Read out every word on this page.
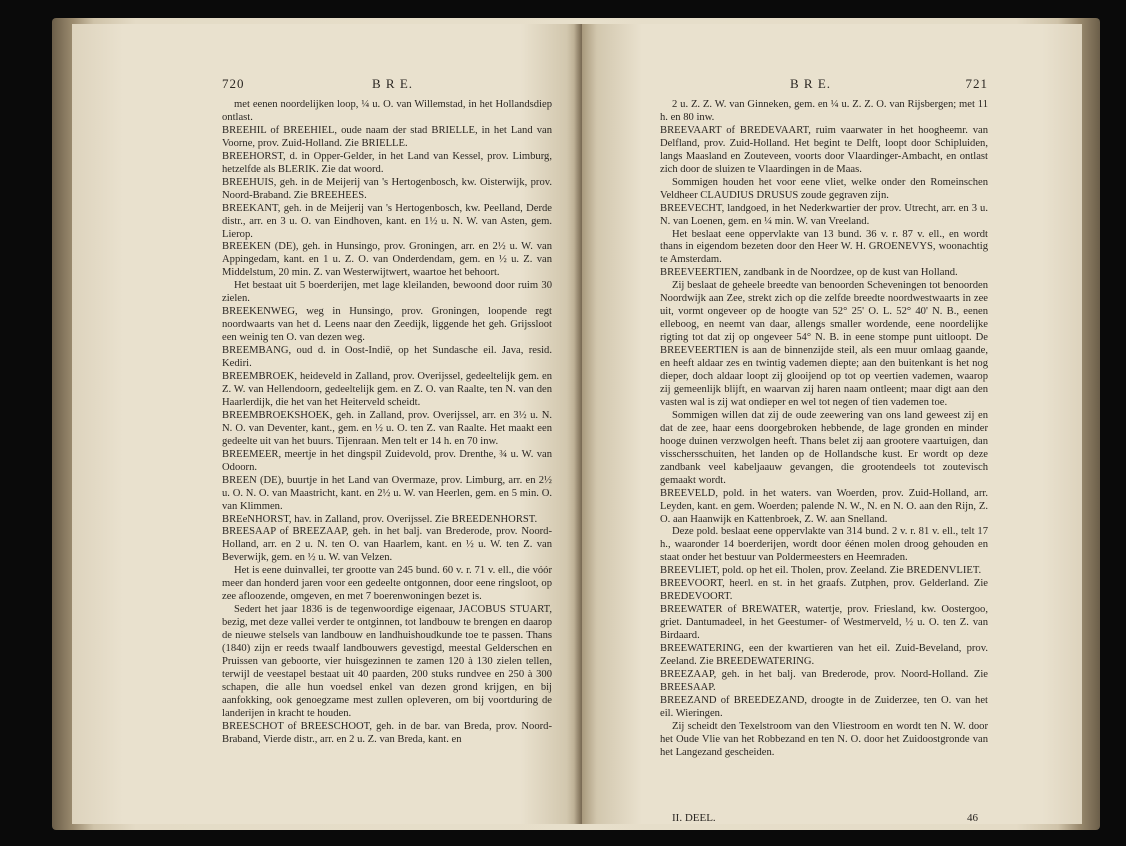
720	B R E.

met eenen noordelijken loop, ¼ u. O. van Willemstad, in het Hollandsdiep ontlast.

BREEHIL of BREEHIEL, oude naam der stad BRIELLE, in het Land van Voorne, prov. Zuid-Holland. Zie BRIELLE.

BREEHORST, d. in Opper-Gelder, in het Land van Kessel, prov. Limburg, hetzelfde als BLERIK. Zie dat woord.

BREEHUIS, geh. in de Meijerij van 's Hertogenbosch, kw. Oisterwijk, prov. Noord-Braband. Zie BREEHEES.

BREEKANT, geh. in de Meijerij van 's Hertogenbosch, kw. Peelland, Derde distr., arr. en 3 u. O. van Eindhoven, kant. en 1½ u. N. W. van Asten, gem. Lierop.

BREEKEN (DE), geh. in Hunsingo, prov. Groningen, arr. en 2½ u. W. van Appingedam, kant. en 1 u. Z. O. van Onderdendam, gem. en ½ u. Z. van Middelstum, 20 min. Z. van Westerwijtwert, waartoe het behoort.

Het bestaat uit 5 boerderijen, met lage kleilanden, bewoond door ruim 30 zielen.

BREEKENWEG, weg in Hunsingo, prov. Groningen, loopende regt noordwaarts van het d. Leens naar den Zeedijk, liggende het geh. Grijssloot een weinig ten O. van dezen weg.

BREEMBANG, oud d. in Oost-Indië, op het Sundasche eil. Java, resid. Kediri.

BREEMBROEK, heideveld in Zalland, prov. Overijssel, gedeeltelijk gem. en Z. W. van Hellendoorn, gedeeltelijk gem. en Z. O. van Raalte, ten N. van den Haarlerdijk, die het van het Heiterveld scheidt.

BREEMBROEKSHOEK, geh. in Zalland, prov. Overijssel, arr. en 3½ u. N. N. O. van Deventer, kant., gem. en ½ u. O. ten Z. van Raalte. Het maakt een gedeelte uit van het buurs. Tijenraan. Men telt er 14 h. en 70 inw.

BREEMEER, meertje in het dingspil Zuidevold, prov. Drenthe, ¾ u. W. van Odoorn.

BREEN (DE), buurtje in het Land van Overmaze, prov. Limburg, arr. en 2½ u. O. N. O. van Maastricht, kant. en 2½ u. W. van Heerlen, gem. en 5 min. O. van Klimmen.

BREeNHORST, hav. in Zalland, prov. Overijssel. Zie BREEDENHORST.

BREESAAP of BREEZAAP, geh. in het balj. van Brederode, prov. Noord-Holland, arr. en 2 u. N. ten O. van Haarlem, kant. en ½ u. W. ten Z. van Beverwijk, gem. en ½ u. W. van Velzen.

Het is eene duinvallei, ter grootte van 245 bund. 60 v. r. 71 v. ell., die vóór meer dan honderd jaren voor een gedeelte ontgonnen, door eene ringsloot, op zee afloozende, omgeven, en met 7 boerenwoningen bezet is.

Sedert het jaar 1836 is de tegenwoordige eigenaar, JACOBUS STUART, bezig, met deze vallei verder te ontginnen, tot landbouw te brengen en daarop de nieuwe stelsels van landbouw en landhuishoudkunde toe te passen. Thans (1840) zijn er reeds twaalf landbouwers gevestigd, meestal Gelderschen en Pruissen van geboorte, vier huisgezinnen te zamen 120 à 130 zielen tellen, terwijl de veestapel bestaat uit 40 paarden, 200 stuks rundvee en 250 à 300 schapen, die alle hun voedsel enkel van dezen grond krijgen, en bij aanfokking, ook genoegzame mest zullen opleveren, om bij voortduring de landerijen in kracht te houden.

BREESCHOT of BREESCHOOT, geh. in de bar. van Breda, prov. Noord-Braband, Vierde distr., arr. en 2 u. Z. van Breda, kant. en

B R E.	721

2 u. Z. Z. W. van Ginneken, gem. en ¼ u. Z. Z. O. van Rijsbergen; met 11 h. en 80 inw.

BREEVAART of BREDEVAART, ruim vaarwater in het hoogheemr. van Delfland, prov. Zuid-Holland. Het begint te Delft, loopt door Schipluiden, langs Maasland en Zouteveen, voorts door Vlaardinger-Ambacht, en ontlast zich door de sluizen te Vlaardingen in de Maas.

Sommigen houden het voor eene vliet, welke onder den Romeinschen Veldheer CLAUDIUS DRUSUS zoude gegraven zijn.

BREEVECHT, landgoed, in het Nederkwartier der prov. Utrecht, arr. en 3 u. N. van Loenen, gem. en ¼ min. W. van Vreeland.

Het beslaat eene oppervlakte van 13 bund. 36 v. r. 87 v. ell., en wordt thans in eigendom bezeten door den Heer W. H. GROENEVYS, woonachtig te Amsterdam.

BREEVEERTIEN, zandbank in de Noordzee, op de kust van Holland.

Zij beslaat de geheele breedte van benoorden Scheveningen tot benoorden Noordwijk aan Zee, strekt zich op die zelfde breedte noordwestwaarts in zee uit, vormt ongeveer op de hoogte van 52° 25' O. L. 52° 40' N. B., eenen elleboog, en neemt van daar, allengs smaller wordende, eene noordelijke rigting tot dat zij op ongeveer 54° N. B. in eene stompe punt uitloopt. De BREEVEERTIEN is aan de binnenzijde steil, als een muur omlaag gaande, en heeft aldaar zes en twintig vademen diepte; aan den buitenkant is het nog dieper, doch aldaar loopt zij glooijend op tot op veertien vademen, waarop zij gemeenlijk blijft, en waarvan zij haren naam ontleent; maar digt aan den vasten wal is zij wat ondieper en wel tot negen of tien vademen toe.

Sommigen willen dat zij de oude zeewering van ons land geweest zij en dat de zee, haar eens doorgebroken hebbende, de lage gronden en minder hooge duinen verzwolgen heeft. Thans belet zij aan grootere vaartuigen, dan visschersschuiten, het landen op de Hollandsche kust. Er wordt op deze zandbank veel kabeljaauw gevangen, die grootendeels tot zoutevisch gemaakt wordt.

BREEVELD, pold. in het waters. van Woerden, prov. Zuid-Holland, arr. Leyden, kant. en gem. Woerden; palende N. W., N. en N. O. aan den Rijn, Z. O. aan Haanwijk en Kattenbroek, Z. W. aan Snelland.

Deze pold. beslaat eene oppervlakte van 314 bund. 2 v. r. 81 v. ell., telt 17 h., waaronder 14 boerderijen, wordt door éénen molen droog gehouden en staat onder het bestuur van Poldermeesters en Heemraden.

BREEVLIET, pold. op het eil. Tholen, prov. Zeeland. Zie BREDENVLIET.

BREEVOORT, heerl. en st. in het graafs. Zutphen, prov. Gelderland. Zie BREDEVOORT.

BREEWATER of BREWATER, watertje, prov. Friesland, kw. Oostergoo, griet. Dantumadeel, in het Geestumer- of Westmerveld, ½ u. O. ten Z. van Birdaard.

BREEWATERING, een der kwartieren van het eil. Zuid-Beveland, prov. Zeeland. Zie BREEDEWATERING.

BREEZAAP, geh. in het balj. van Brederode, prov. Noord-Holland. Zie BREESAAP.

BREEZAND of BREEDEZAND, droogte in de Zuiderzee, ten O. van het eil. Wieringen.

Zij scheidt den Texelstroom van den Vliestroom en wordt ten N. W. door het Oude Vlie van het Robbezand en ten N. O. door het Zuidoostgronde van het Langezand gescheiden.

II. DEEL.	46
